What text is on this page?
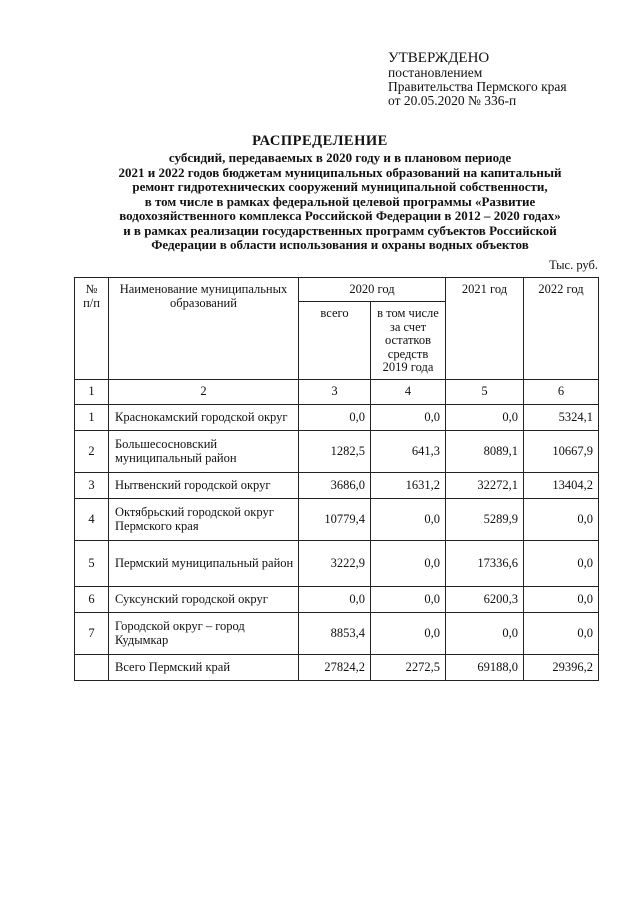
УТВЕРЖДЕНО
постановлением
Правительства Пермского края
от 20.05.2020 № 336-п
РАСПРЕДЕЛЕНИЕ
субсидий, передаваемых в 2020 году и в плановом периоде
2021 и 2022 годов бюджетам муниципальных образований на капитальный
ремонт гидротехнических сооружений муниципальной собственности,
в том числе в рамках федеральной целевой программы «Развитие
водохозяйственного комплекса Российской Федерации в 2012 – 2020 годах»
и в рамках реализации государственных программ субъектов Российской
Федерации в области использования и охраны водных объектов
Тыс. руб.
№ п/п	Наименование муниципальных образований	2020 год		2021 год	2022 год
		всего	в том числе за счет остатков средств 2019 года		
1	2	3	4	5	6
1	Краснокамский городской округ	0,0	0,0	0,0	5324,1
2	Большесосновский муниципальный район	1282,5	641,3	8089,1	10667,9
3	Нытвенский городской округ	3686,0	1631,2	32272,1	13404,2
4	Октябрьский городской округ Пермского края	10779,4	0,0	5289,9	0,0
5	Пермский муниципальный район	3222,9	0,0	17336,6	0,0
6	Суксунский городской округ	0,0	0,0	6200,3	0,0
7	Городской округ – город Кудымкар	8853,4	0,0	0,0	0,0
	Всего Пермский край	27824,2	2272,5	69188,0	29396,2
